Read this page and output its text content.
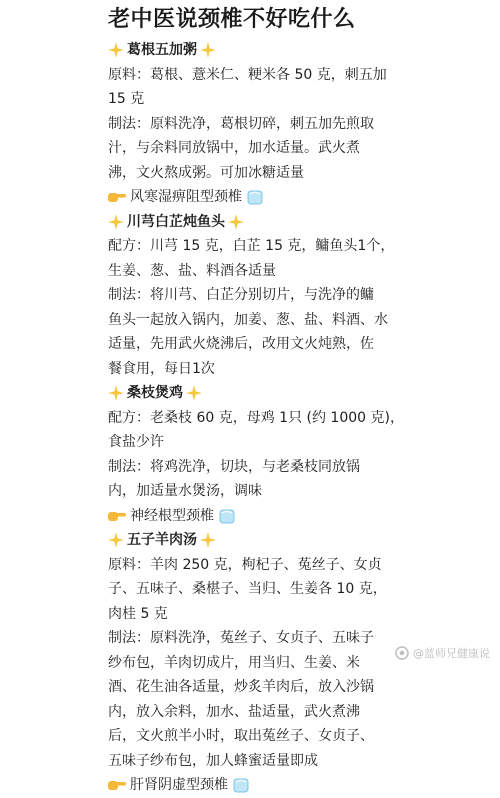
老中医说颈椎不好吃什么
葛根五加粥
原料：葛根、薏米仁、粳米各 50 克，刺五加
15 克
制法：原料洗净，葛根切碎，刺五加先煎取
汁，与余料同放锅中，加水适量。武火煮
沸，文火熬成粥。可加冰糖适量
风寒湿痹阻型颈椎
川芎白芷炖鱼头
配方：川芎 15 克，白芷 15 克，鳙鱼头1个，
生姜、葱、盐、料酒各适量
制法：将川芎、白芷分别切片，与洗净的鳙
鱼头一起放入锅内，加姜、葱、盐、料酒、水
适量，先用武火烧沸后，改用文火炖熟，佐
餐食用，每日1次
桑枝煲鸡
配方：老桑枝 60 克，母鸡 1只 (约 1000 克)，
食盐少许
制法：将鸡洗净，切块，与老桑枝同放锅
内，加适量水煲汤，调味
神经根型颈椎
五子羊肉汤
原料：羊肉 250 克，枸杞子、菟丝子、女贞
子、五味子、桑椹子、当归、生姜各 10 克，
肉桂 5 克
制法：原料洗净，菟丝子、女贞子、五味子
纱布包，羊肉切成片，用当归、生姜、米
酒、花生油各适量，炒炙羊肉后，放入沙锅
内，放入余料，加水、盐适量，武火煮沸
后，文火煎半小时，取出菟丝子、女贞子、
五味子纱布包，加人蜂蜜适量即成
肝肾阴虚型颈椎
@蓝师兄健康说
